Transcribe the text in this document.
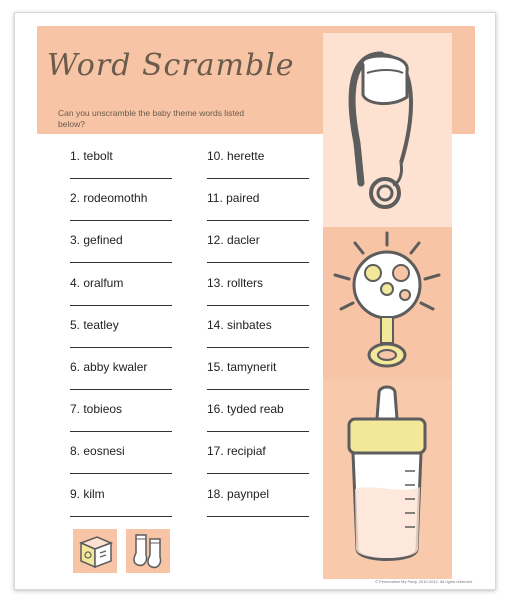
Word Scramble
Can you unscramble the baby theme words listed below?
1. tebolt
2. rodeomothh
3. gefined
4. oralfum
5. teatley
6. abby kwaler
7. tobieos
8. eosnesi
9. kilm
10. herette
11. paired
12. dacler
13. rollters
14. sinbates
15. tamynerit
16. tyded reab
17. recipiaf
18. paynpel
© Personalize My Party, 2010-2012. All rights reserved.
